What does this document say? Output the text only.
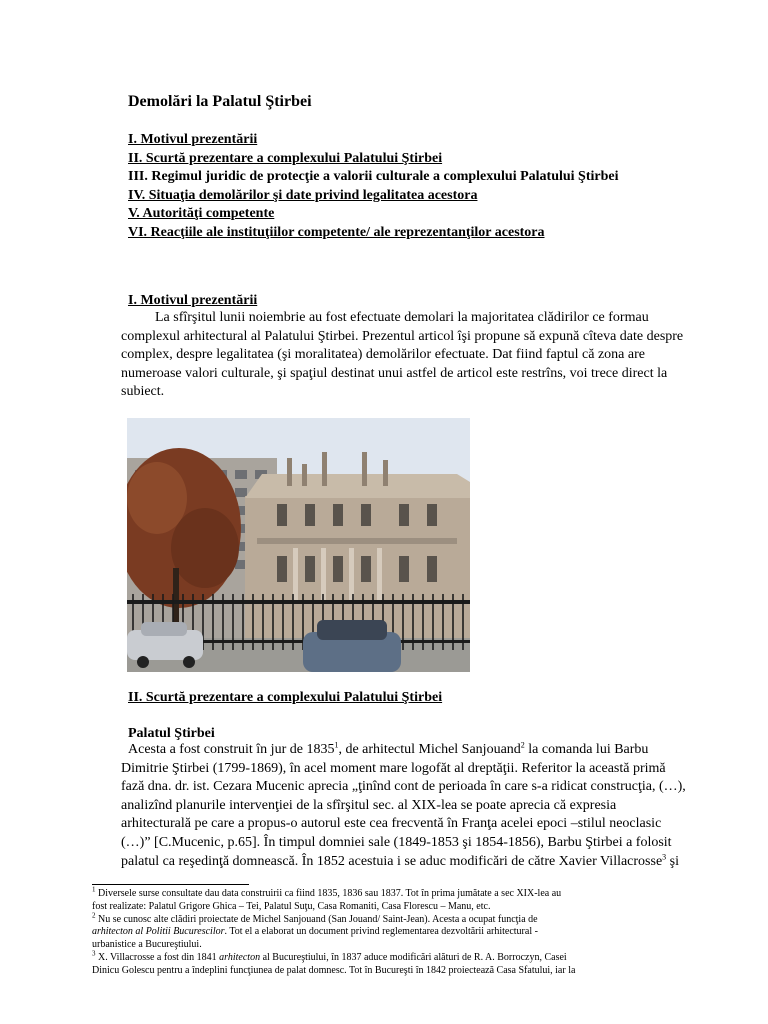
Demolări la Palatul Ştirbei
I. Motivul prezentării
II. Scurtă prezentare a complexului Palatului Ştirbei
III. Regimul juridic de protecţie a valorii culturale a complexului Palatului Ştirbei
IV. Situaţia demolărilor şi date privind legalitatea acestora
V. Autorităţi competente
VI. Reacţiile ale instituţiilor competente/ ale reprezentanţilor acestora
I. Motivul prezentării
La sfîrşitul lunii noiembrie au fost efectuate demolari la majoritatea clădirilor ce formau
complexul arhitectural al Palatului Ştirbei. Prezentul articol îşi propune să expună cîteva date despre
complex, despre legalitatea (şi moralitatea) demolărilor efectuate. Dat fiind faptul că zona are
numeroase valori culturale, şi spaţiul destinat unui astfel de articol este restrîns, voi trece direct la
subiect.
II. Scurtă prezentare a complexului Palatului Ştirbei
Palatul Ştirbei
Acesta a fost construit în jur de 1835$^1$, de arhitectul Michel Sanjouand$^2$ la comanda lui Barbu
Dimitrie Ştirbei (1799-1869), în acel moment mare logofăt al dreptăţii. Referitor la această primă
fază dna. dr. ist. Cezara Mucenic aprecia „ţinînd cont de perioada în care s-a ridicat construcţia, (…),
analizînd planurile intervenţiei de la sfîrşitul sec. al XIX-lea se poate aprecia că expresia
arhitecturală pe care a propus-o autorul este cea frecventă în Franţa acelei epoci –stilul neoclasic
(…)” [C.Mucenic, p.65]. În timpul domniei sale (1849-1853 şi 1854-1856), Barbu Ştirbei a folosit
palatul ca reşedinţă domnească. În 1852 acestuia i se aduc modificări de către Xavier Villacrosse$^3$ şi
$^1$ Diversele surse consultate dau data construirii ca fiind 1835, 1836 sau 1837. Tot în prima jumătate a sec XIX-lea au
fost realizate: Palatul Grigore Ghica – Tei, Palatul Suţu, Casa Romaniti, Casa Florescu – Manu, etc.
$^2$ Nu se cunosc alte clădiri proiectate de Michel Sanjouand (San Jouand/ Saint-Jean). Acesta a ocupat funcţia de
arhitecton al Politii Bucurescilor. Tot el a elaborat un document privind reglementarea dezvoltării arhitectural -
urbanistice a Bucureştiului.
$^3$ X. Villacrosse a fost din 1841 arhitecton al Bucureştiului, în 1837 aduce modificări alături de R. A. Borroczyn, Casei
Dinicu Golescu pentru a îndeplini funcţiunea de palat domnesc. Tot în Bucureşti în 1842 proiectează Casa Sfatului, iar la
